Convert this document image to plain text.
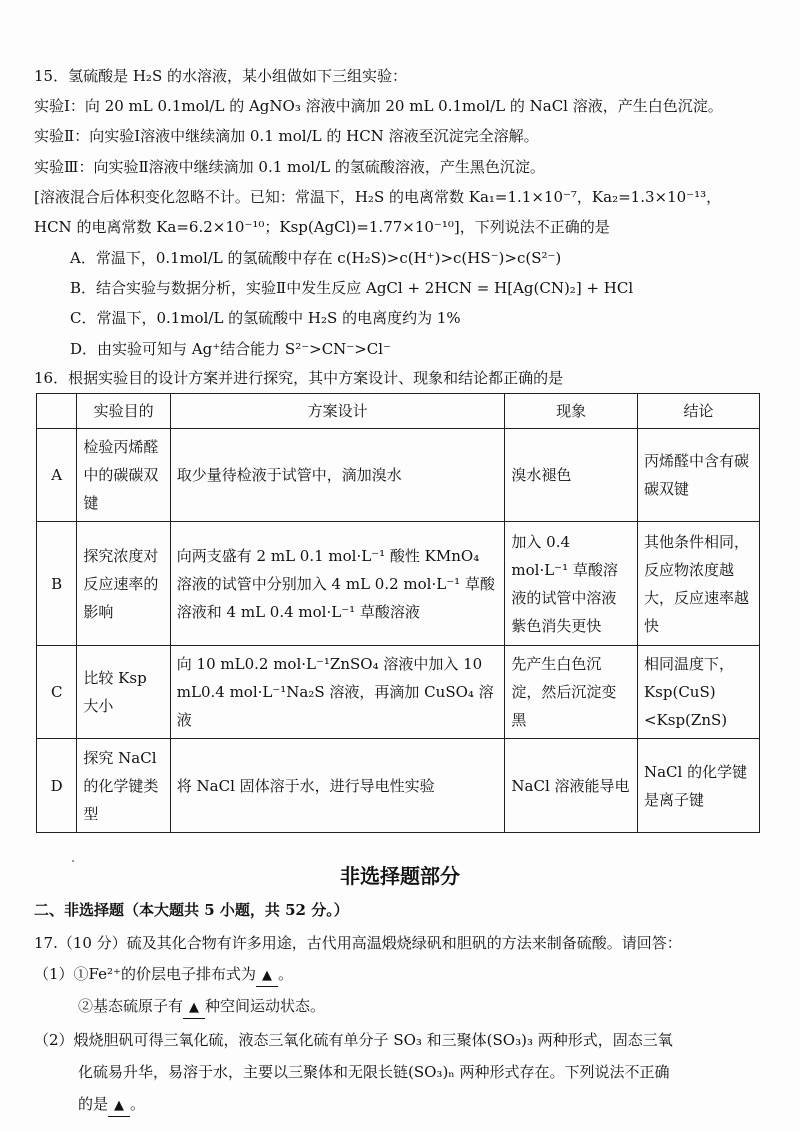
15．氢硫酸是 H₂S 的水溶液，某小组做如下三组实验：
实验Ⅰ：向 20 mL 0.1mol/L 的 AgNO₃ 溶液中滴加 20 mL 0.1mol/L 的 NaCl 溶液，产生白色沉淀。
实验Ⅱ：向实验Ⅰ溶液中继续滴加 0.1 mol/L 的 HCN 溶液至沉淀完全溶解。
实验Ⅲ：向实验Ⅱ溶液中继续滴加 0.1 mol/L 的氢硫酸溶液，产生黑色沉淀。
[溶液混合后体积变化忽略不计。已知：常温下，H₂S 的电离常数 Ka₁=1.1×10⁻⁷，Ka₂=1.3×10⁻¹³，
HCN 的电离常数 Ka=6.2×10⁻¹⁰；Ksp(AgCl)=1.77×10⁻¹⁰]，下列说法不正确的是
A．常温下，0.1mol/L 的氢硫酸中存在 c(H₂S)>c(H⁺)>c(HS⁻)>c(S²⁻)
B．结合实验与数据分析，实验Ⅱ中发生反应 AgCl + 2HCN = H[Ag(CN)₂] + HCl
C．常温下，0.1mol/L 的氢硫酸中 H₂S 的电离度约为 1%
D．由实验可知与 Ag⁺结合能力 S²⁻>CN⁻>Cl⁻
16．根据实验目的设计方案并进行探究，其中方案设计、现象和结论都正确的是
	实验目的	方案设计	现象	结论
A	检验丙烯醛中的碳碳双键	取少量待检液于试管中，滴加溴水	溴水褪色	丙烯醛中含有碳碳双键
B	探究浓度对反应速率的影响	向两支盛有 2 mL 0.1 mol·L⁻¹ 酸性 KMnO₄ 溶液的试管中分别加入 4 mL 0.2 mol·L⁻¹ 草酸溶液和 4 mL 0.4 mol·L⁻¹ 草酸溶液	加入 0.4 mol·L⁻¹ 草酸溶液的试管中溶液紫色消失更快	其他条件相同，反应物浓度越大，反应速率越快
C	比较 Ksp 大小	向 10 mL0.2 mol·L⁻¹ZnSO₄ 溶液中加入 10 mL0.4 mol·L⁻¹Na₂S 溶液，再滴加 CuSO₄ 溶液	先产生白色沉淀，然后沉淀变黑	相同温度下，Ksp(CuS)<Ksp(ZnS)
D	探究 NaCl 的化学键类型	将 NaCl 固体溶于水，进行导电性实验	NaCl 溶液能导电	NaCl 的化学键是离子键
非选择题部分
二、非选择题（本大题共 5 小题，共 52 分。）
17.（10 分）硫及其化合物有许多用途，古代用高温煅烧绿矾和胆矾的方法来制备硫酸。请回答：
（1）①Fe²⁺的价层电子排布式为 ▲ 。
②基态硫原子有 ▲ 种空间运动状态。
（2）煅烧胆矾可得三氧化硫，液态三氧化硫有单分子 SO₃ 和三聚体(SO₃)₃ 两种形式，固态三氧
化硫易升华，易溶于水，主要以三聚体和无限长链(SO₃)ₙ 两种形式存在。下列说法不正确
的是 ▲ 。
